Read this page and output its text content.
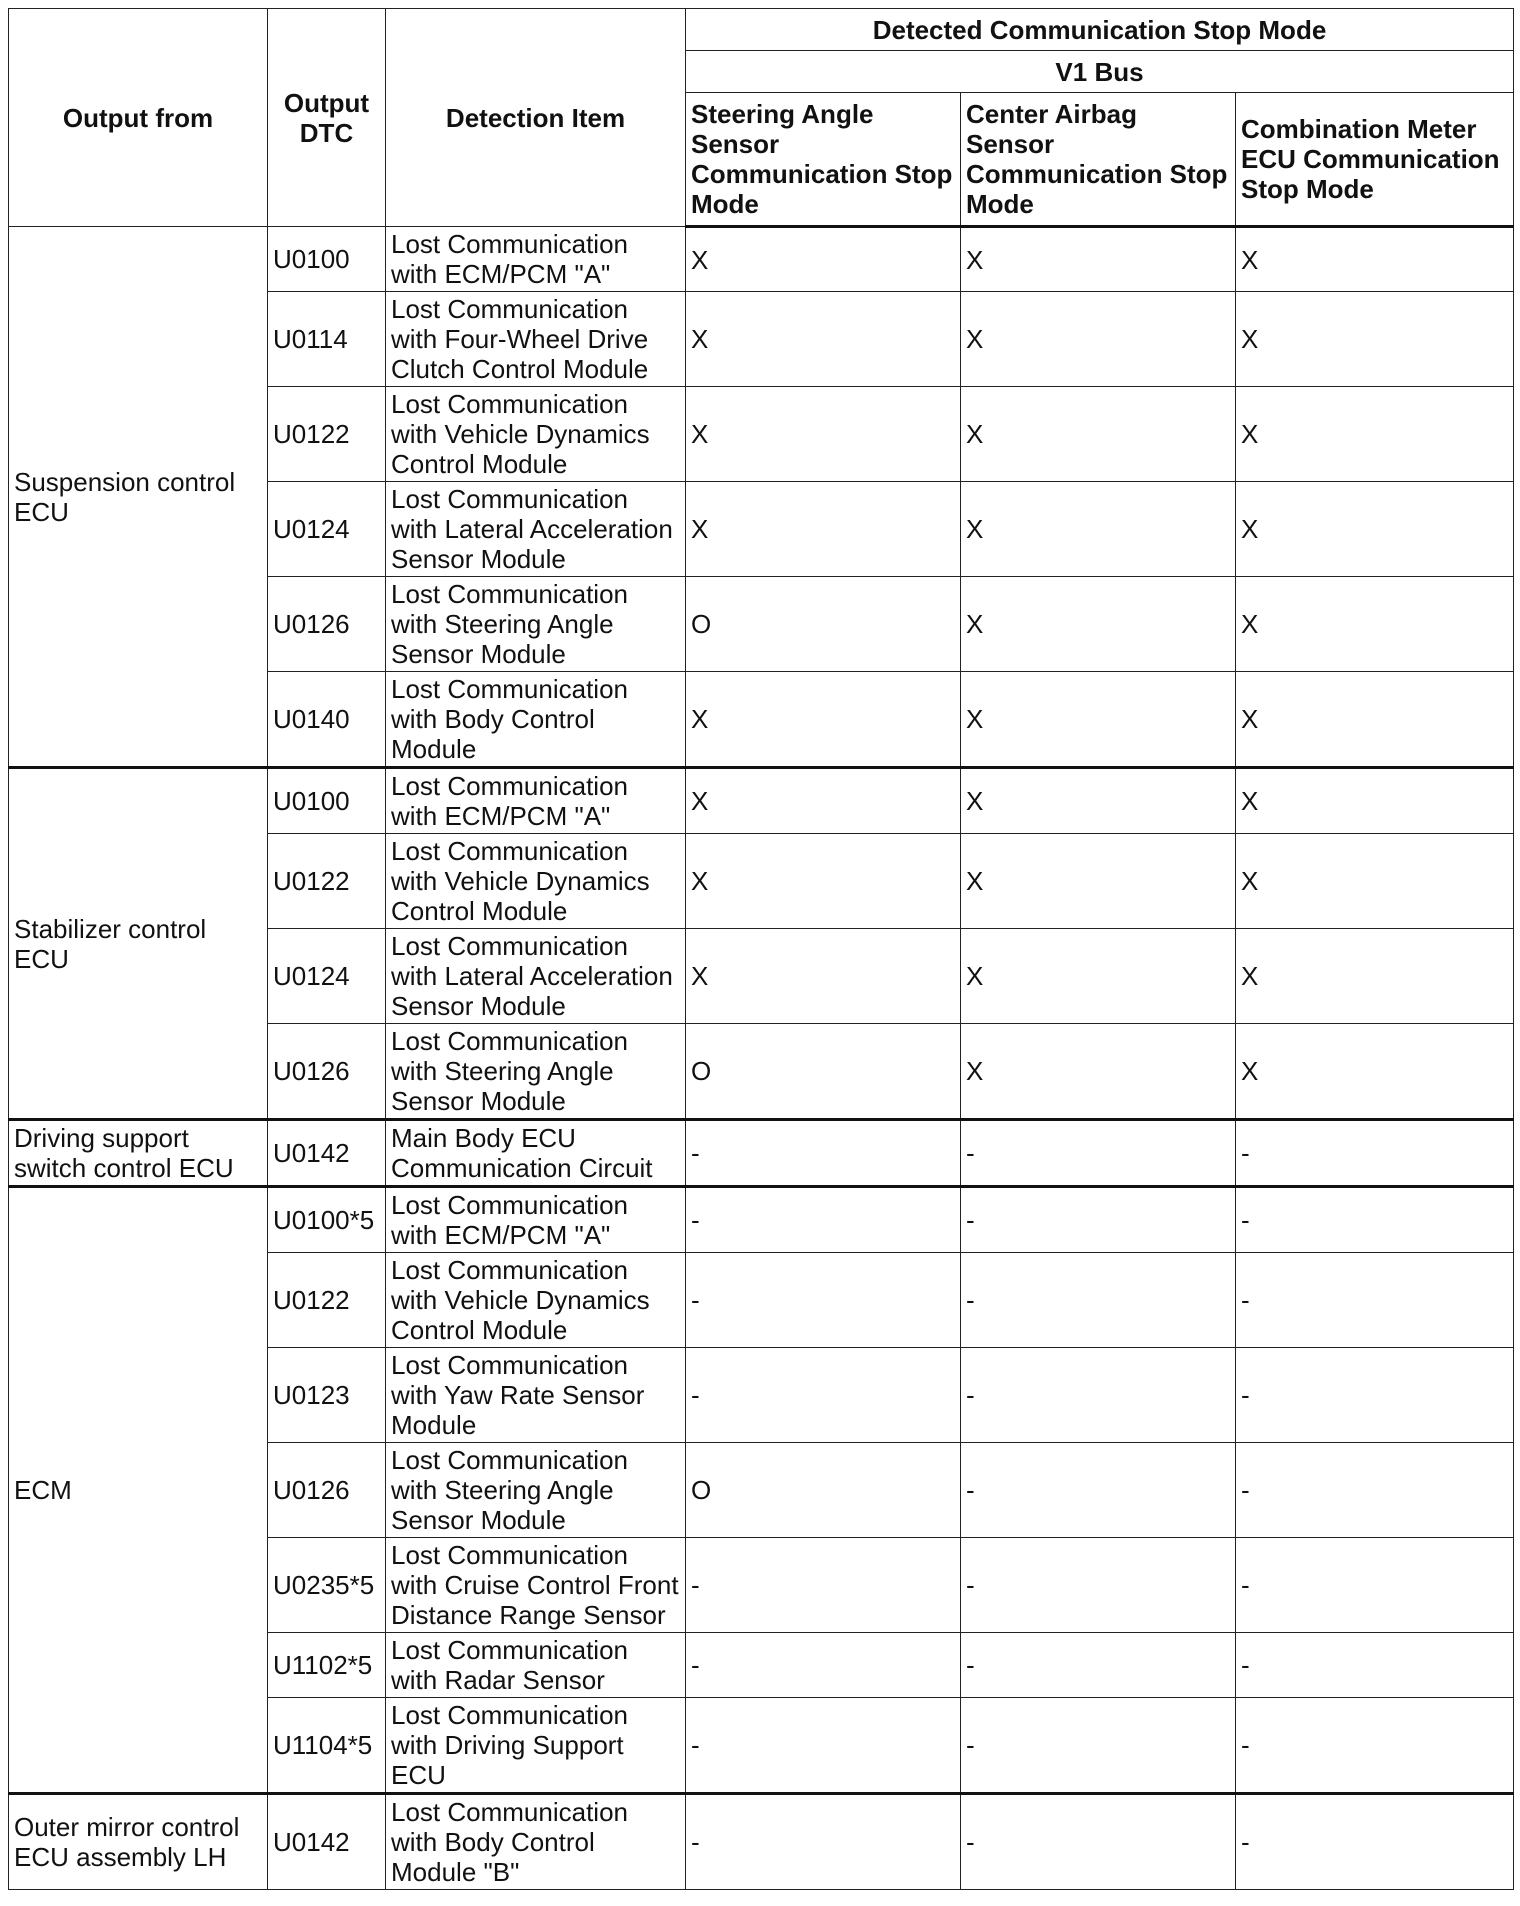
Output from	Output DTC	Detection Item	Detected Communication Stop Mode		
			V1 Bus		
			Steering Angle Sensor Communication Stop Mode	Center Airbag Sensor Communication Stop Mode	Combination Meter ECU Communication Stop Mode
Suspension control ECU	U0100	Lost Communication with ECM/PCM "A"	X	X	X
	U0114	Lost Communication with Four-Wheel Drive Clutch Control Module	X	X	X
	U0122	Lost Communication with Vehicle Dynamics Control Module	X	X	X
	U0124	Lost Communication with Lateral Acceleration Sensor Module	X	X	X
	U0126	Lost Communication with Steering Angle Sensor Module	O	X	X
	U0140	Lost Communication with Body Control Module	X	X	X
Stabilizer control ECU	U0100	Lost Communication with ECM/PCM "A"	X	X	X
	U0122	Lost Communication with Vehicle Dynamics Control Module	X	X	X
	U0124	Lost Communication with Lateral Acceleration Sensor Module	X	X	X
	U0126	Lost Communication with Steering Angle Sensor Module	O	X	X
Driving support switch control ECU	U0142	Main Body ECU Communication Circuit	-	-	-
ECM	U0100*5	Lost Communication with ECM/PCM "A"	-	-	-
	U0122	Lost Communication with Vehicle Dynamics Control Module	-	-	-
	U0123	Lost Communication with Yaw Rate Sensor Module	-	-	-
	U0126	Lost Communication with Steering Angle Sensor Module	O	-	-
	U0235*5	Lost Communication with Cruise Control Front Distance Range Sensor	-	-	-
	U1102*5	Lost Communication with Radar Sensor	-	-	-
	U1104*5	Lost Communication with Driving Support ECU	-	-	-
Outer mirror control ECU assembly LH	U0142	Lost Communication with Body Control Module "B"	-	-	-
